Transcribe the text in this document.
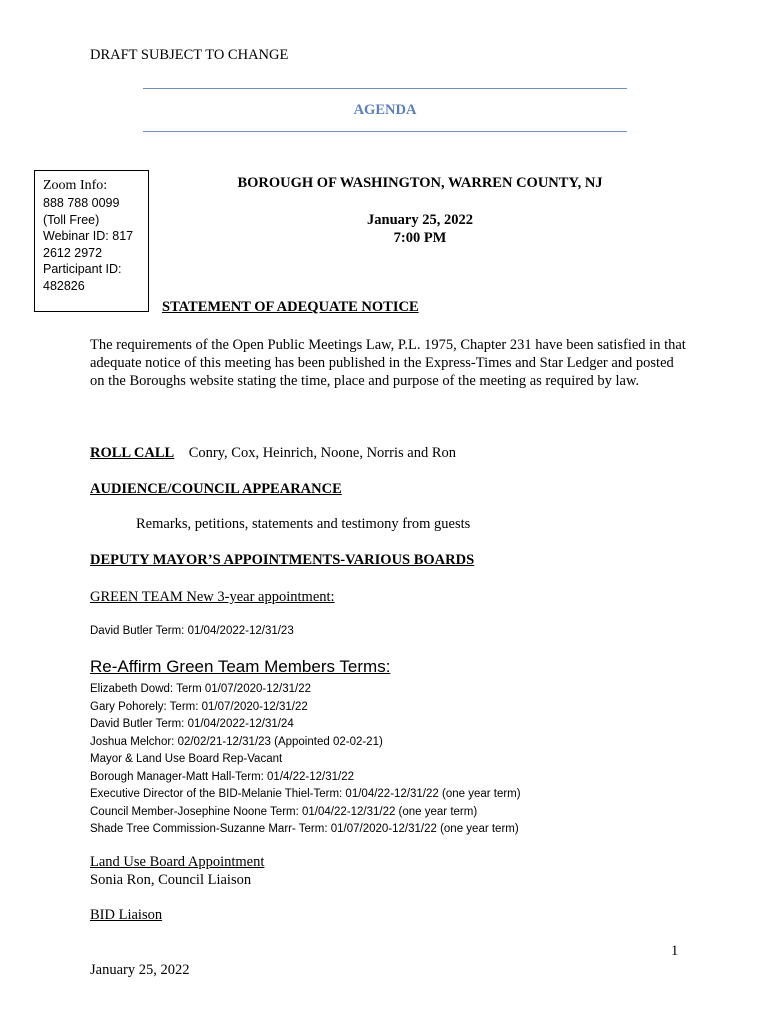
DRAFT SUBJECT TO CHANGE
AGENDA
Zoom Info:
888 788 0099
(Toll Free)
Webinar ID: 817
2612 2972
Participant ID:
482826
BOROUGH OF WASHINGTON, WARREN COUNTY, NJ
January 25, 2022
7:00 PM
STATEMENT OF ADEQUATE NOTICE
The requirements of the Open Public Meetings Law, P.L. 1975, Chapter 231 have been satisfied in that adequate notice of this meeting has been published in the Express-Times and Star Ledger and posted on the Boroughs website stating the time, place and purpose of the meeting as required by law.
ROLL CALL Conry, Cox, Heinrich, Noone, Norris and Ron
AUDIENCE/COUNCIL APPEARANCE
Remarks, petitions, statements and testimony from guests
DEPUTY MAYOR’S APPOINTMENTS-VARIOUS BOARDS
GREEN TEAM New 3-year appointment:
David Butler Term: 01/04/2022-12/31/23
Re-Affirm Green Team Members Terms:
Elizabeth Dowd: Term 01/07/2020-12/31/22
Gary Pohorely: Term: 01/07/2020-12/31/22
David Butler Term: 01/04/2022-12/31/24
Joshua Melchor: 02/02/21-12/31/23 (Appointed 02-02-21)
Mayor & Land Use Board Rep-Vacant
Borough Manager-Matt Hall-Term: 01/4/22-12/31/22
Executive Director of the BID-Melanie Thiel-Term: 01/04/22-12/31/22 (one year term)
Council Member-Josephine Noone Term: 01/04/22-12/31/22 (one year term)
Shade Tree Commission-Suzanne Marr- Term: 01/07/2020-12/31/22 (one year term)
Land Use Board Appointment
Sonia Ron, Council Liaison
BID Liaison
1
January 25, 2022
